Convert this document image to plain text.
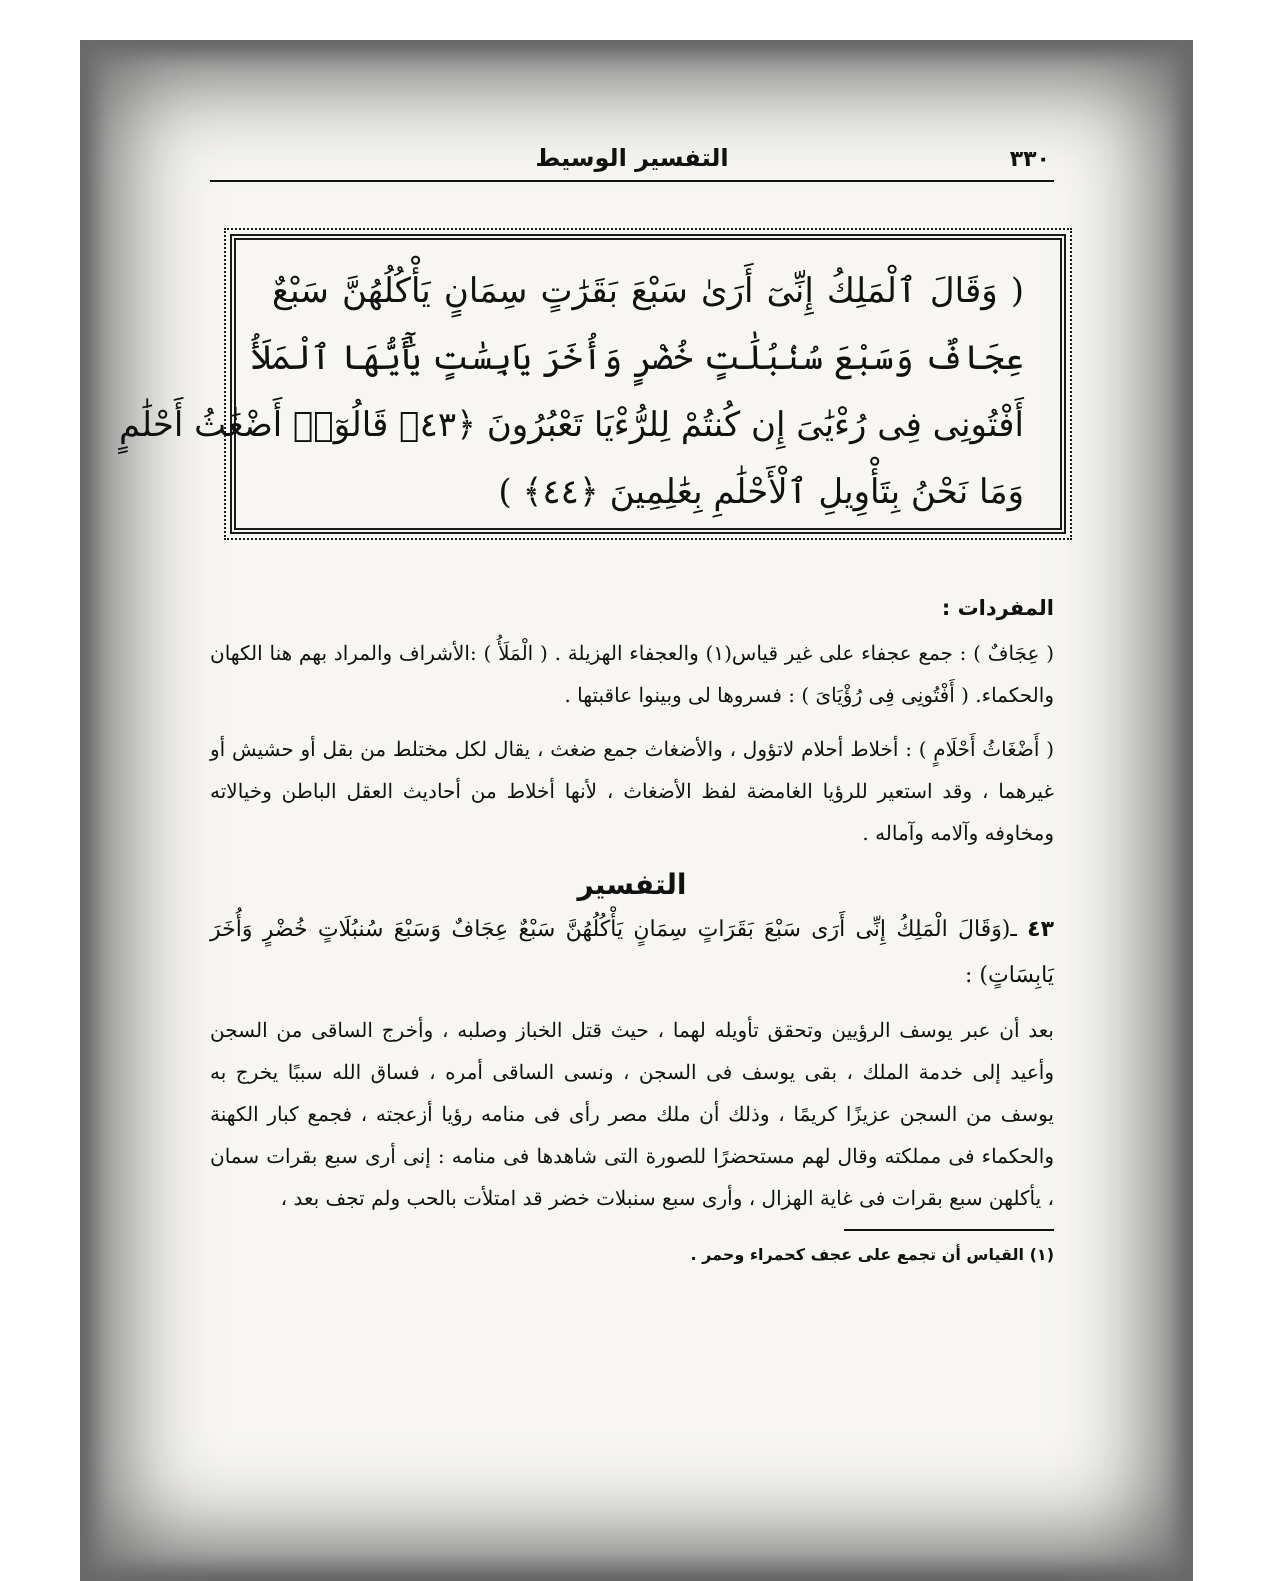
٣٣٠
التفسير الوسيط
( وَقَالَ ٱلْمَلِكُ إِنِّىٓ أَرَىٰ سَبْعَ بَقَرَٰتٍ سِمَانٍ يَأْكُلُهُنَّ سَبْعٌ
عِجَافٌ وَسَبْعَ سُنۢبُلَٰتٍ خُضْرٍ وَأُخَرَ يَابِسَٰتٍ يَٰٓأَيُّهَا ٱلْمَلَأُ
أَفْتُونِى فِى رُءْيَٰىَ إِن كُنتُمْ لِلرُّءْيَا تَعْبُرُونَ ﴿٤٣﴾ قَالُوٓا۟ أَضْغَٰثُ أَحْلَٰمٍ
وَمَا نَحْنُ بِتَأْوِيلِ ٱلْأَحْلَٰمِ بِعَٰلِمِينَ ﴿٤٤﴾ )
المفردات :

( عِجَافٌ ) : جمع عجفاء على غير قياس(١) والعجفاء الهزيلة . ( الْمَلَأُ ) :الأشراف والمراد بهم هنا الكهان والحكماء. ( أَفْتُونِى فِى رُؤْيَاىَ ) : فسروها لى وبينوا عاقبتها .

( أَضْغَاثُ أَحْلَامٍ ) : أخلاط أحلام لاتؤول ، والأضغاث جمع ضغث ، يقال لكل مختلط من بقل أو حشيش أو غيرهما ، وقد استعير للرؤيا الغامضة لفظ الأضغاث ، لأنها أخلاط من أحاديث العقل الباطن وخيالاته ومخاوفه وآلامه وآماله .

التفسير

٤٣ ـ(وَقَالَ الْمَلِكُ إِنِّى أَرَى سَبْعَ بَقَرَاتٍ سِمَانٍ يَأْكُلُهُنَّ سَبْعٌ عِجَافٌ وَسَبْعَ سُنبُلَاتٍ خُضْرٍ وَأُخَرَ يَابِسَاتٍ) :

بعد أن عبر يوسف الرؤيين وتحقق تأويله لهما ، حيث قتل الخباز وصلبه ، وأخرج الساقى من السجن وأعيد إلى خدمة الملك ، بقى يوسف فى السجن ، ونسى الساقى أمره ، فساق الله سببًا يخرج به يوسف من السجن عزيزًا كريمًا ، وذلك أن ملك مصر رأى فى منامه رؤيا أزعجته ، فجمع كبار الكهنة والحكماء فى مملكته وقال لهم مستحضرًا للصورة التى شاهدها فى منامه : إنى أرى سبع بقرات سمان ، يأكلهن سبع بقرات فى غاية الهزال ، وأرى سبع سنبلات خضر قد امتلأت بالحب ولم تجف بعد ،

(١) القياس أن تجمع على عجف كحمراء وحمر .
